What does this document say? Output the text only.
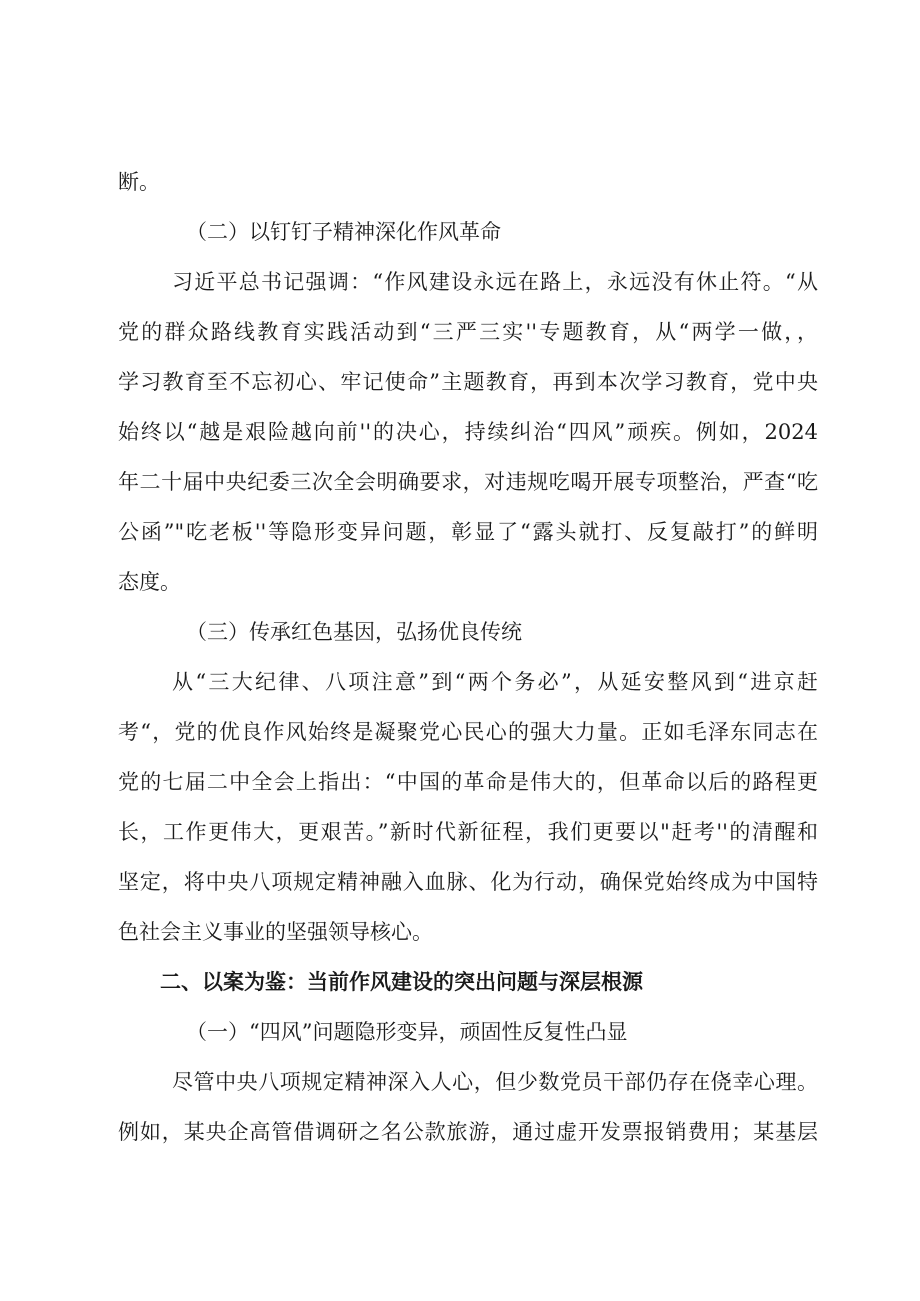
断。
（二）以钉钉子精神深化作风革命
习近平总书记强调：“作风建设永远在路上，永远没有休止符。“从
党的群众路线教育实践活动到“三严三实''专题教育，从“两学一做，，
学习教育至不忘初心、牢记使命”主题教育，再到本次学习教育，党中央
始终以“越是艰险越向前''的决心，持续纠治“四风”顽疾。例如，2024
年二十届中央纪委三次全会明确要求，对违规吃喝开展专项整治，严查“吃
公函”"吃老板''等隐形变异问题，彰显了“露头就打、反复敲打”的鲜明
态度。
（三）传承红色基因，弘扬优良传统
从“三大纪律、八项注意”到“两个务必”，从延安整风到“进京赶
考“，党的优良作风始终是凝聚党心民心的强大力量。正如毛泽东同志在
党的七届二中全会上指出：“中国的革命是伟大的，但革命以后的路程更
长，工作更伟大，更艰苦。”新时代新征程，我们更要以"赶考''的清醒和
坚定，将中央八项规定精神融入血脉、化为行动，确保党始终成为中国特
色社会主义事业的坚强领导核心。
二、以案为鉴：当前作风建设的突出问题与深层根源
（一）“四风”问题隐形变异，顽固性反复性凸显
尽管中央八项规定精神深入人心，但少数党员干部仍存在侥幸心理。
例如，某央企高管借调研之名公款旅游，通过虚开发票报销费用；某基层
